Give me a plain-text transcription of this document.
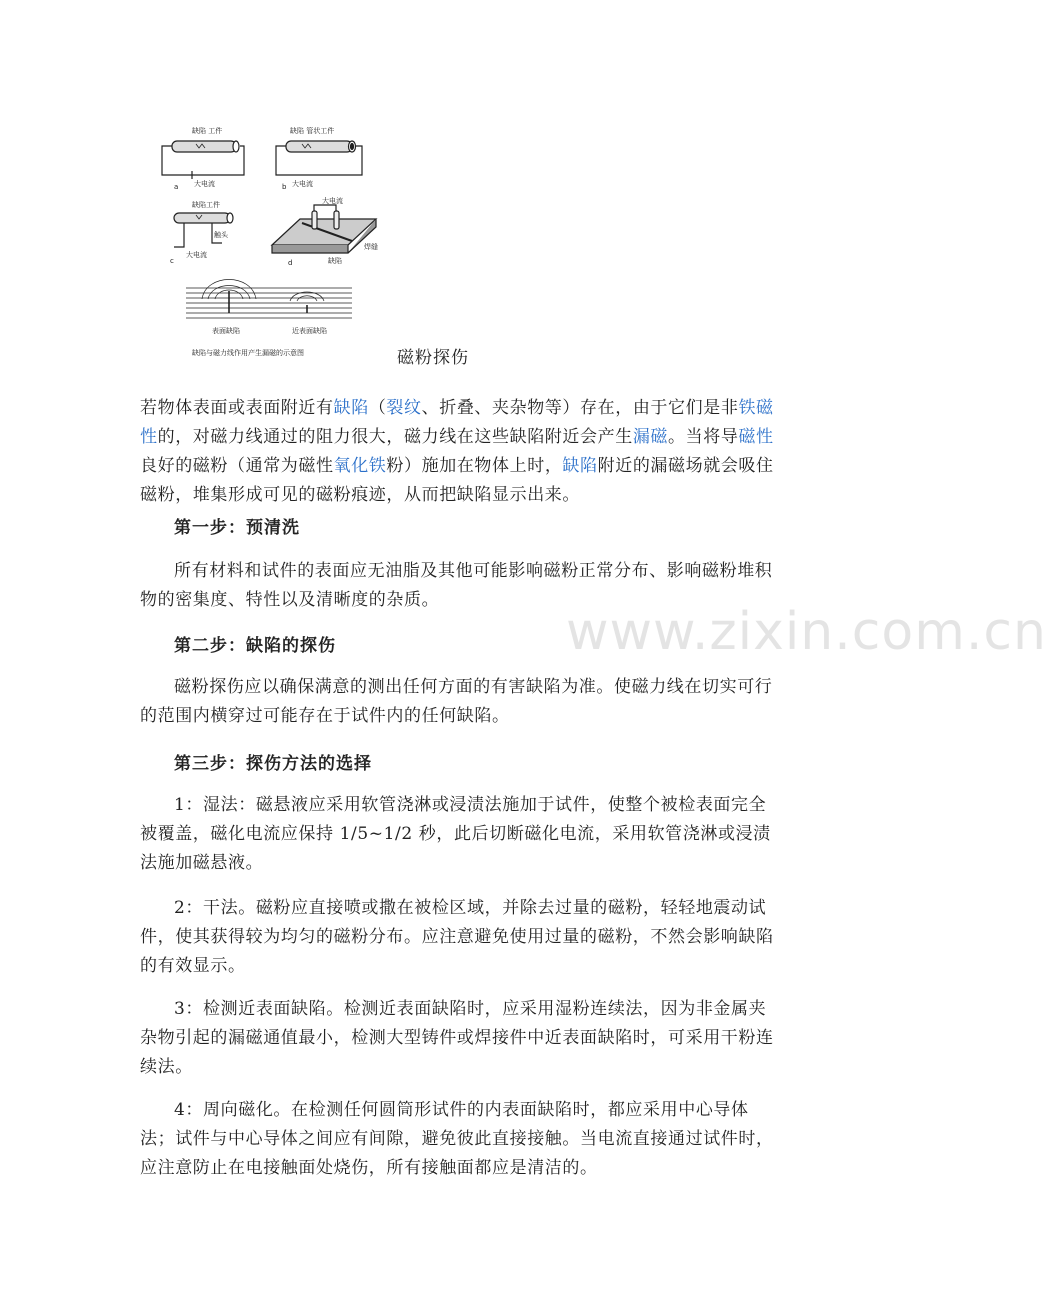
缺陷 工件
大电流
a
缺陷 管状工件
大电流
b
缺陷工件
触头
大电流
c
大电流
焊缝
缺陷
d
表面缺陷	近表面缺陷
缺陷与磁力线作用产生漏磁的示意图	磁粉探伤

若物体表面或表面附近有缺陷（裂纹、折叠、夹杂物等）存在，由于它们是非铁磁性的，对磁力线通过的阻力很大，磁力线在这些缺陷附近会产生漏磁。当将导磁性良好的磁粉（通常为磁性氧化铁粉）施加在物体上时，缺陷附近的漏磁场就会吸住磁粉，堆集形成可见的磁粉痕迹，从而把缺陷显示出来。

第一步：预清洗

所有材料和试件的表面应无油脂及其他可能影响磁粉正常分布、影响磁粉堆积物的密集度、特性以及清晰度的杂质。

第二步：缺陷的探伤

磁粉探伤应以确保满意的测出任何方面的有害缺陷为准。使磁力线在切实可行的范围内横穿过可能存在于试件内的任何缺陷。

第三步：探伤方法的选择

1：湿法：磁悬液应采用软管浇淋或浸渍法施加于试件，使整个被检表面完全被覆盖，磁化电流应保持 1/5~1/2 秒，此后切断磁化电流，采用软管浇淋或浸渍法施加磁悬液。

2：干法。磁粉应直接喷或撒在被检区域，并除去过量的磁粉，轻轻地震动试件，使其获得较为均匀的磁粉分布。应注意避免使用过量的磁粉，不然会影响缺陷的有效显示。

3：检测近表面缺陷。检测近表面缺陷时，应采用湿粉连续法，因为非金属夹杂物引起的漏磁通值最小，检测大型铸件或焊接件中近表面缺陷时，可采用干粉连续法。

4：周向磁化。在检测任何圆筒形试件的内表面缺陷时，都应采用中心导体法；试件与中心导体之间应有间隙，避免彼此直接接触。当电流直接通过试件时，应注意防止在电接触面处烧伤，所有接触面都应是清洁的。

www.zixin.com.cn
